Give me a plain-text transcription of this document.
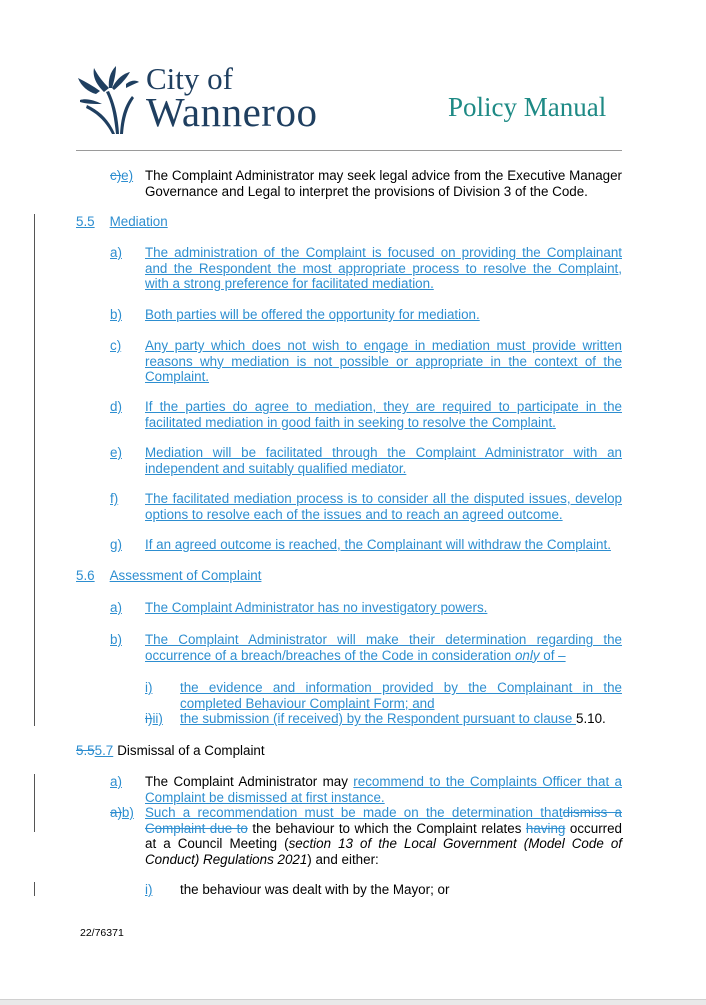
City of
Wanneroo	Policy Manual
c)e) The Complaint Administrator may seek legal advice from the Executive Manager Governance and Legal to interpret the provisions of Division 3 of the Code.
5.5 Mediation
a) The administration of the Complaint is focused on providing the Complainant and the Respondent the most appropriate process to resolve the Complaint, with a strong preference for facilitated mediation.
b) Both parties will be offered the opportunity for mediation.
c) Any party which does not wish to engage in mediation must provide written reasons why mediation is not possible or appropriate in the context of the Complaint.
d) If the parties do agree to mediation, they are required to participate in the facilitated mediation in good faith in seeking to resolve the Complaint.
e) Mediation will be facilitated through the Complaint Administrator with an independent and suitably qualified mediator.
f) The facilitated mediation process is to consider all the disputed issues, develop options to resolve each of the issues and to reach an agreed outcome.
g) If an agreed outcome is reached, the Complainant will withdraw the Complaint.
5.6 Assessment of Complaint
a) The Complaint Administrator has no investigatory powers.
b) The Complaint Administrator will make their determination regarding the occurrence of a breach/breaches of the Code in consideration only of –
i) the evidence and information provided by the Complainant in the completed Behaviour Complaint Form; and
i)ii) the submission (if received) by the Respondent pursuant to clause 5.10.
5.55.7 Dismissal of a Complaint
a) The Complaint Administrator may recommend to the Complaints Officer that a Complaint be dismissed at first instance.
a)b) Such a recommendation must be made on the determination thatdismiss a Complaint due to the behaviour to which the Complaint relates having occurred at a Council Meeting (section 13 of the Local Government (Model Code of Conduct) Regulations 2021) and either:
i)	the behaviour was dealt with by the Mayor; or
22/76371
